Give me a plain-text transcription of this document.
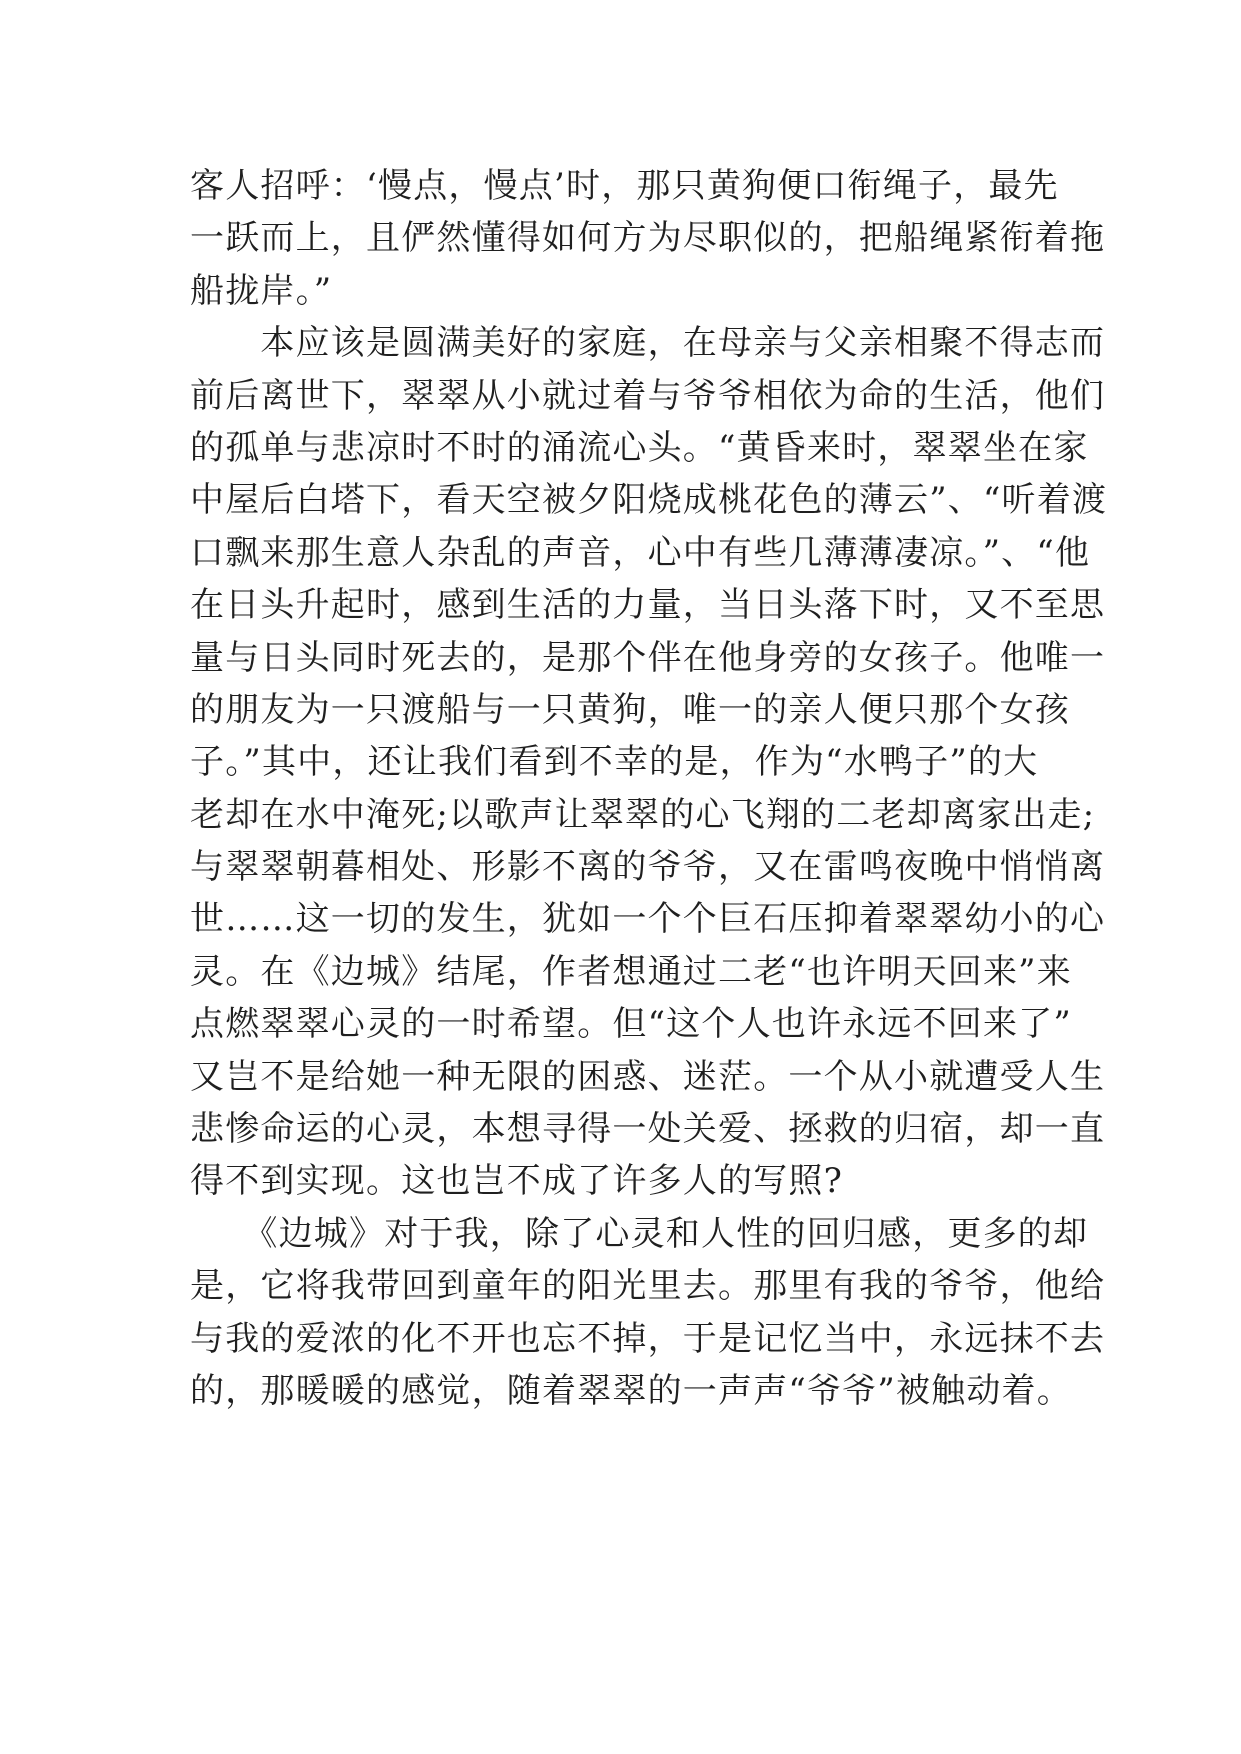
客人招呼：‘慢点，慢点’时，那只黄狗便口衔绳子，最先
一跃而上，且俨然懂得如何方为尽职似的，把船绳紧衔着拖
船拢岸。”
　　本应该是圆满美好的家庭，在母亲与父亲相聚不得志而
前后离世下，翠翠从小就过着与爷爷相依为命的生活，他们
的孤单与悲凉时不时的涌流心头。“黄昏来时，翠翠坐在家
中屋后白塔下，看天空被夕阳烧成桃花色的薄云”、“听着渡
口飘来那生意人杂乱的声音，心中有些几薄薄凄凉。”、“他
在日头升起时，感到生活的力量，当日头落下时，又不至思
量与日头同时死去的，是那个伴在他身旁的女孩子。他唯一
的朋友为一只渡船与一只黄狗，唯一的亲人便只那个女孩
子。”其中，还让我们看到不幸的是，作为“水鸭子”的大
老却在水中淹死;以歌声让翠翠的心飞翔的二老却离家出走;
与翠翠朝暮相处、形影不离的爷爷，又在雷鸣夜晚中悄悄离
世……这一切的发生，犹如一个个巨石压抑着翠翠幼小的心
灵。在《边城》结尾，作者想通过二老“也许明天回来”来
点燃翠翠心灵的一时希望。但“这个人也许永远不回来了”
又岂不是给她一种无限的困惑、迷茫。一个从小就遭受人生
悲惨命运的心灵，本想寻得一处关爱、拯救的归宿，却一直
得不到实现。这也岂不成了许多人的写照?
　　《边城》对于我，除了心灵和人性的回归感，更多的却
是，它将我带回到童年的阳光里去。那里有我的爷爷，他给
与我的爱浓的化不开也忘不掉，于是记忆当中，永远抹不去
的，那暖暖的感觉，随着翠翠的一声声“爷爷”被触动着。
